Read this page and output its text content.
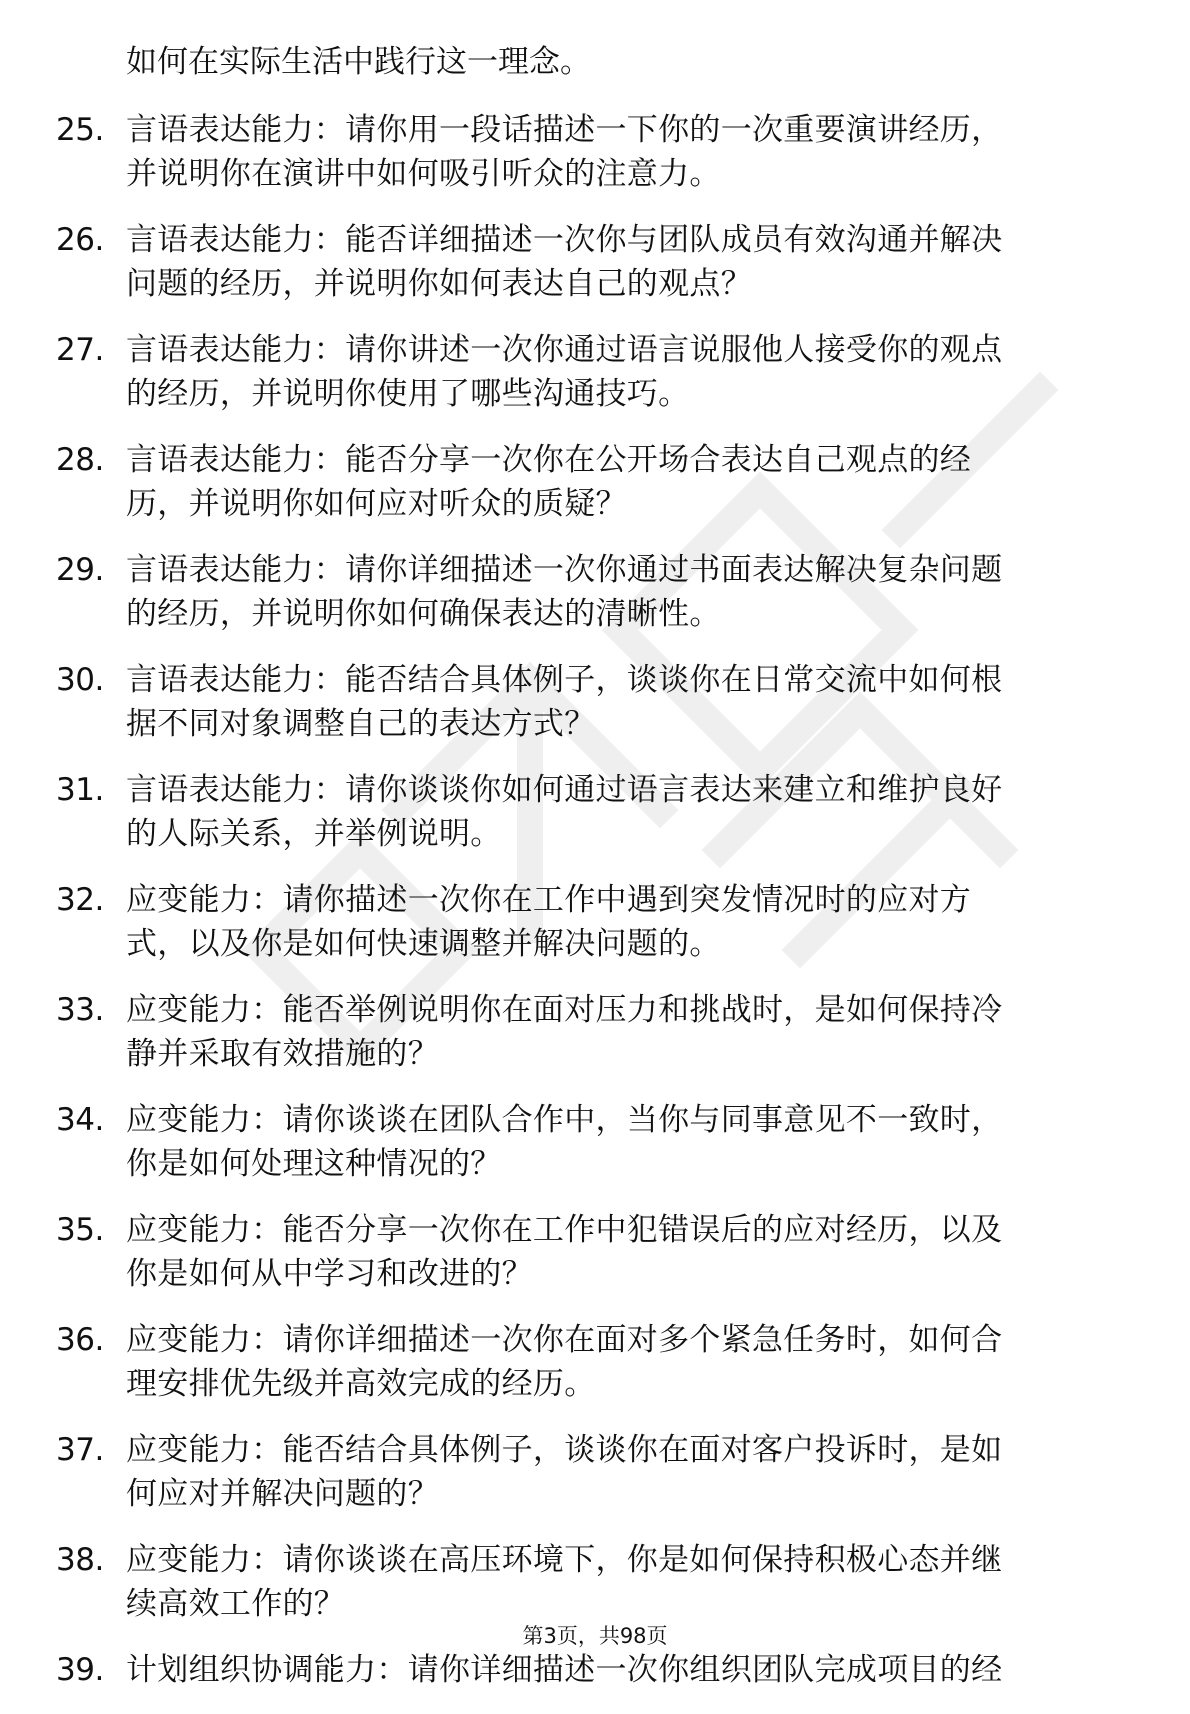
如何在实际生活中践行这一理念。
25. 言语表达能力：请你用一段话描述一下你的一次重要演讲经历，
并说明你在演讲中如何吸引听众的注意力。
26. 言语表达能力：能否详细描述一次你与团队成员有效沟通并解决
问题的经历，并说明你如何表达自己的观点？
27. 言语表达能力：请你讲述一次你通过语言说服他人接受你的观点
的经历，并说明你使用了哪些沟通技巧。
28. 言语表达能力：能否分享一次你在公开场合表达自己观点的经
历，并说明你如何应对听众的质疑？
29. 言语表达能力：请你详细描述一次你通过书面表达解决复杂问题
的经历，并说明你如何确保表达的清晰性。
30. 言语表达能力：能否结合具体例子，谈谈你在日常交流中如何根
据不同对象调整自己的表达方式？
31. 言语表达能力：请你谈谈你如何通过语言表达来建立和维护良好
的人际关系，并举例说明。
32. 应变能力：请你描述一次你在工作中遇到突发情况时的应对方
式，以及你是如何快速调整并解决问题的。
33. 应变能力：能否举例说明你在面对压力和挑战时，是如何保持冷
静并采取有效措施的？
34. 应变能力：请你谈谈在团队合作中，当你与同事意见不一致时，
你是如何处理这种情况的？
35. 应变能力：能否分享一次你在工作中犯错误后的应对经历，以及
你是如何从中学习和改进的？
36. 应变能力：请你详细描述一次你在面对多个紧急任务时，如何合
理安排优先级并高效完成的经历。
37. 应变能力：能否结合具体例子，谈谈你在面对客户投诉时，是如
何应对并解决问题的？
38. 应变能力：请你谈谈在高压环境下，你是如何保持积极心态并继
续高效工作的？
39. 计划组织协调能力：请你详细描述一次你组织团队完成项目的经
第3页，共98页
